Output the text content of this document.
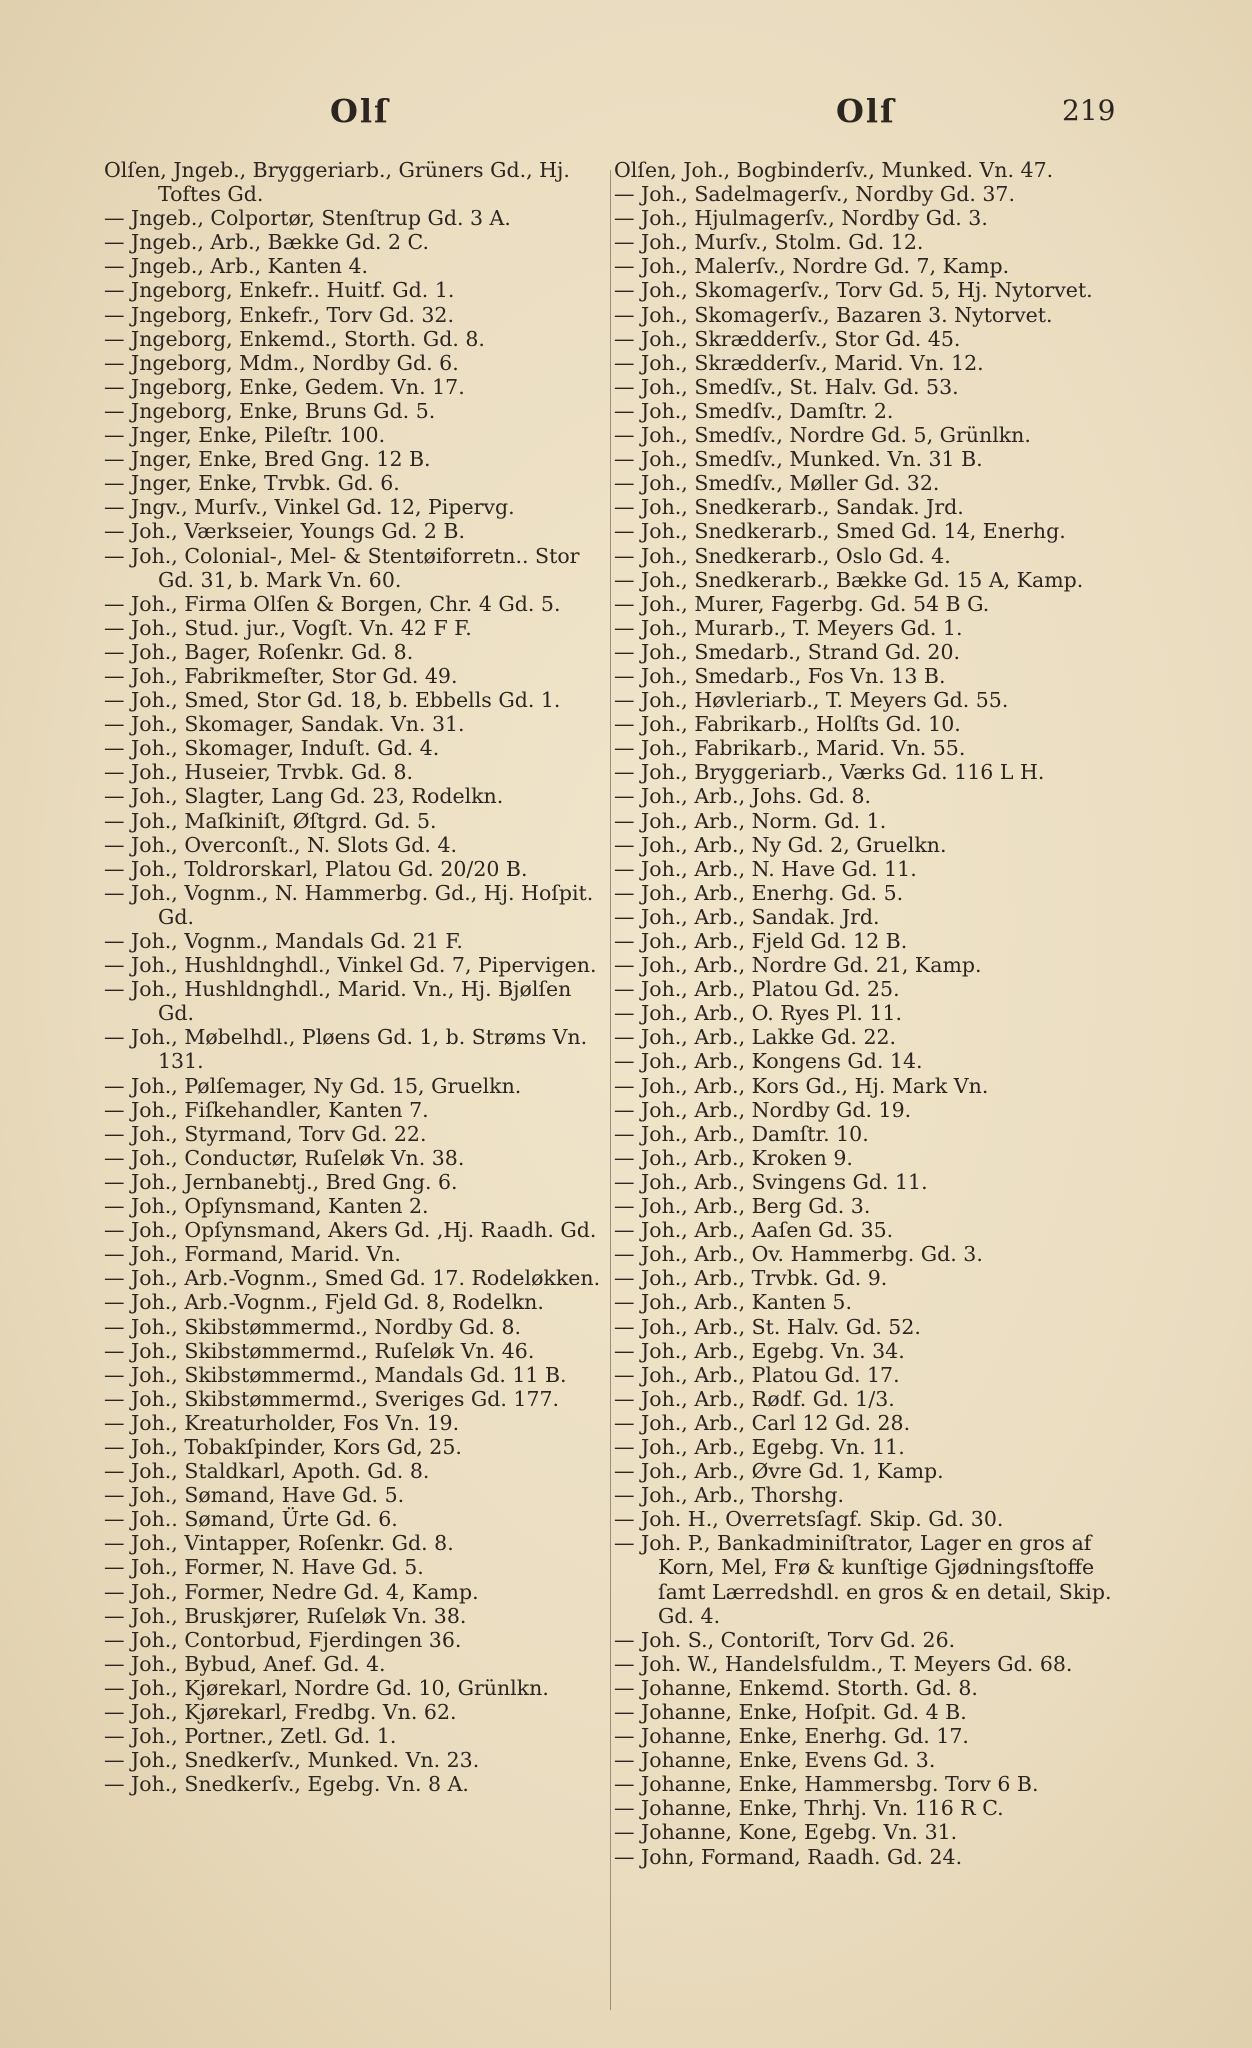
Olſ	Olſ	219
Olſen, Jngeb., Bryggeriarb., Grüners Gd., Hj. Toftes Gd.
— Jngeb., Colportør, Stenſtrup Gd. 3 A.
— Jngeb., Arb., Bække Gd. 2 C.
— Jngeb., Arb., Kanten 4.
— Jngeborg, Enkefr.. Huitf. Gd. 1.
— Jngeborg, Enkefr., Torv Gd. 32.
— Jngeborg, Enkemd., Storth. Gd. 8.
— Jngeborg, Mdm., Nordby Gd. 6.
— Jngeborg, Enke, Gedem. Vn. 17.
— Jngeborg, Enke, Bruns Gd. 5.
— Jnger, Enke, Pileſtr. 100.
— Jnger, Enke, Bred Gng. 12 B.
— Jnger, Enke, Trvbk. Gd. 6.
— Jngv., Murſv., Vinkel Gd. 12, Pipervg.
— Joh., Værkseier, Youngs Gd. 2 B.
— Joh., Colonial-, Mel- & Stentøiforretn.. Stor Gd. 31, b. Mark Vn. 60.
— Joh., Firma Olſen & Borgen, Chr. 4 Gd. 5.
— Joh., Stud. jur., Vogſt. Vn. 42 F F.
— Joh., Bager, Roſenkr. Gd. 8.
— Joh., Fabrikmeſter, Stor Gd. 49.
— Joh., Smed, Stor Gd. 18, b. Ebbells Gd. 1.
— Joh., Skomager, Sandak. Vn. 31.
— Joh., Skomager, Induſt. Gd. 4.
— Joh., Huseier, Trvbk. Gd. 8.
— Joh., Slagter, Lang Gd. 23, Rodelkn.
— Joh., Maſkiniſt, Øſtgrd. Gd. 5.
— Joh., Overconſt., N. Slots Gd. 4.
— Joh., Toldrorskarl, Platou Gd. 20/20 B.
— Joh., Vognm., N. Hammerbg. Gd., Hj. Hoſpit. Gd.
— Joh., Vognm., Mandals Gd. 21 F.
— Joh., Hushldnghdl., Vinkel Gd. 7, Pipervigen.
— Joh., Hushldnghdl., Marid. Vn., Hj. Bjølſen Gd.
— Joh., Møbelhdl., Pløens Gd. 1, b. Strøms Vn. 131.
— Joh., Pølſemager, Ny Gd. 15, Gruelkn.
— Joh., Fiſkehandler, Kanten 7.
— Joh., Styrmand, Torv Gd. 22.
— Joh., Conductør, Ruſeløk Vn. 38.
— Joh., Jernbanebtj., Bred Gng. 6.
— Joh., Opſynsmand, Kanten 2.
— Joh., Opſynsmand, Akers Gd. ,Hj. Raadh. Gd.
— Joh., Formand, Marid. Vn.
— Joh., Arb.-Vognm., Smed Gd. 17. Rodeløkken.
— Joh., Arb.-Vognm., Fjeld Gd. 8, Rodelkn.
— Joh., Skibstømmermd., Nordby Gd. 8.
— Joh., Skibstømmermd., Ruſeløk Vn. 46.
— Joh., Skibstømmermd., Mandals Gd. 11 B.
— Joh., Skibstømmermd., Sveriges Gd. 177.
— Joh., Kreaturholder, Fos Vn. 19.
— Joh., Tobakſpinder, Kors Gd, 25.
— Joh., Staldkarl, Apoth. Gd. 8.
— Joh., Sømand, Have Gd. 5.
— Joh.. Sømand, Ürte Gd. 6.
— Joh., Vintapper, Roſenkr. Gd. 8.
— Joh., Former, N. Have Gd. 5.
— Joh., Former, Nedre Gd. 4, Kamp.
— Joh., Bruskjører, Ruſeløk Vn. 38.
— Joh., Contorbud, Fjerdingen 36.
— Joh., Bybud, Anef. Gd. 4.
— Joh., Kjørekarl, Nordre Gd. 10, Grünlkn.
— Joh., Kjørekarl, Fredbg. Vn. 62.
— Joh., Portner., Zetl. Gd. 1.
— Joh., Snedkerſv., Munked. Vn. 23.
— Joh., Snedkerſv., Egebg. Vn. 8 A.
Olſen, Joh., Bogbinderſv., Munked. Vn. 47.
— Joh., Sadelmagerſv., Nordby Gd. 37.
— Joh., Hjulmagerſv., Nordby Gd. 3.
— Joh., Murſv., Stolm. Gd. 12.
— Joh., Malerſv., Nordre Gd. 7, Kamp.
— Joh., Skomagerſv., Torv Gd. 5, Hj. Nytorvet.
— Joh., Skomagerſv., Bazaren 3. Nytorvet.
— Joh., Skrædderſv., Stor Gd. 45.
— Joh., Skrædderſv., Marid. Vn. 12.
— Joh., Smedſv., St. Halv. Gd. 53.
— Joh., Smedſv., Damſtr. 2.
— Joh., Smedſv., Nordre Gd. 5, Grünlkn.
— Joh., Smedſv., Munked. Vn. 31 B.
— Joh., Smedſv., Møller Gd. 32.
— Joh., Snedkerarb., Sandak. Jrd.
— Joh., Snedkerarb., Smed Gd. 14, Enerhg.
— Joh., Snedkerarb., Oslo Gd. 4.
— Joh., Snedkerarb., Bække Gd. 15 A, Kamp.
— Joh., Murer, Fagerbg. Gd. 54 B G.
— Joh., Murarb., T. Meyers Gd. 1.
— Joh., Smedarb., Strand Gd. 20.
— Joh., Smedarb., Fos Vn. 13 B.
— Joh., Høvleriarb., T. Meyers Gd. 55.
— Joh., Fabrikarb., Holſts Gd. 10.
— Joh., Fabrikarb., Marid. Vn. 55.
— Joh., Bryggeriarb., Værks Gd. 116 L H.
— Joh., Arb., Johs. Gd. 8.
— Joh., Arb., Norm. Gd. 1.
— Joh., Arb., Ny Gd. 2, Gruelkn.
— Joh., Arb., N. Have Gd. 11.
— Joh., Arb., Enerhg. Gd. 5.
— Joh., Arb., Sandak. Jrd.
— Joh., Arb., Fjeld Gd. 12 B.
— Joh., Arb., Nordre Gd. 21, Kamp.
— Joh., Arb., Platou Gd. 25.
— Joh., Arb., O. Ryes Pl. 11.
— Joh., Arb., Lakke Gd. 22.
— Joh., Arb., Kongens Gd. 14.
— Joh., Arb., Kors Gd., Hj. Mark Vn.
— Joh., Arb., Nordby Gd. 19.
— Joh., Arb., Damſtr. 10.
— Joh., Arb., Kroken 9.
— Joh., Arb., Svingens Gd. 11.
— Joh., Arb., Berg Gd. 3.
— Joh., Arb., Aaſen Gd. 35.
— Joh., Arb., Ov. Hammerbg. Gd. 3.
— Joh., Arb., Trvbk. Gd. 9.
— Joh., Arb., Kanten 5.
— Joh., Arb., St. Halv. Gd. 52.
— Joh., Arb., Egebg. Vn. 34.
— Joh., Arb., Platou Gd. 17.
— Joh., Arb., Rødf. Gd. 1/3.
— Joh., Arb., Carl 12 Gd. 28.
— Joh., Arb., Egebg. Vn. 11.
— Joh., Arb., Øvre Gd. 1, Kamp.
— Joh., Arb., Thorshg.
— Joh. H., Overretsſagf. Skip. Gd. 30.
— Joh. P., Bankadminiſtrator, Lager en gros af Korn, Mel, Frø & kunſtige Gjødningsſtoffe ſamt Lærredshdl. en gros & en detail, Skip. Gd. 4.
— Joh. S., Contoriſt, Torv Gd. 26.
— Joh. W., Handelsfuldm., T. Meyers Gd. 68.
— Johanne, Enkemd. Storth. Gd. 8.
— Johanne, Enke, Hoſpit. Gd. 4 B.
— Johanne, Enke, Enerhg. Gd. 17.
— Johanne, Enke, Evens Gd. 3.
— Johanne, Enke, Hammersbg. Torv 6 B.
— Johanne, Enke, Thrhj. Vn. 116 R C.
— Johanne, Kone, Egebg. Vn. 31.
— John, Formand, Raadh. Gd. 24.
